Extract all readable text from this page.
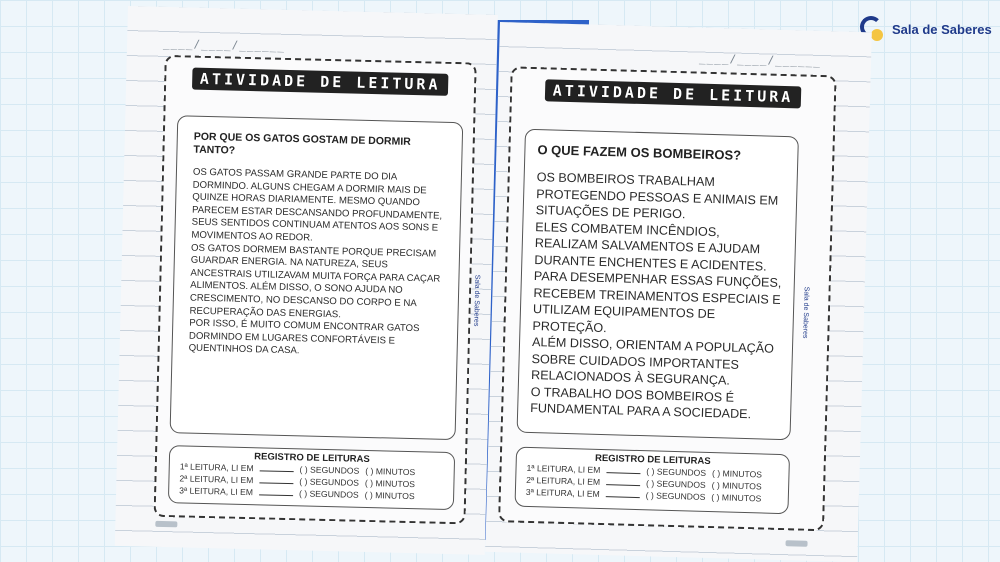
Sala de Saberes
____/____/______
ATIVIDADE DE LEITURA
POR QUE OS GATOS GOSTAM DE DORMIR TANTO?

OS GATOS PASSAM GRANDE PARTE DO DIA DORMINDO. ALGUNS CHEGAM A DORMIR MAIS DE QUINZE HORAS DIARIAMENTE. MESMO QUANDO PARECEM ESTAR DESCANSANDO PROFUNDAMENTE, SEUS SENTIDOS CONTINUAM ATENTOS AOS SONS E MOVIMENTOS AO REDOR.

OS GATOS DORMEM BASTANTE PORQUE PRECISAM GUARDAR ENERGIA. NA NATUREZA, SEUS ANCESTRAIS UTILIZAVAM MUITA FORÇA PARA CAÇAR ALIMENTOS. ALÉM DISSO, O SONO AJUDA NO CRESCIMENTO, NO DESCANSO DO CORPO E NA RECUPERAÇÃO DAS ENERGIAS.

POR ISSO, É MUITO COMUM ENCONTRAR GATOS DORMINDO EM LUGARES CONFORTÁVEIS E QUENTINHOS DA CASA.

Sala de Saberes
REGISTRO DE LEITURAS
1ª LEITURA, LI EM	( ) SEGUNDOS ( ) MINUTOS
2ª LEITURA, LI EM	( ) SEGUNDOS ( ) MINUTOS
3ª LEITURA, LI EM	( ) SEGUNDOS ( ) MINUTOS
____/____/______
ATIVIDADE DE LEITURA
O QUE FAZEM OS BOMBEIROS?

OS BOMBEIROS TRABALHAM PROTEGENDO PESSOAS E ANIMAIS EM SITUAÇÕES DE PERIGO.

ELES COMBATEM INCÊNDIOS, REALIZAM SALVAMENTOS E AJUDAM DURANTE ENCHENTES E ACIDENTES.

PARA DESEMPENHAR ESSAS FUNÇÕES, RECEBEM TREINAMENTOS ESPECIAIS E UTILIZAM EQUIPAMENTOS DE PROTEÇÃO.

ALÉM DISSO, ORIENTAM A POPULAÇÃO SOBRE CUIDADOS IMPORTANTES RELACIONADOS À SEGURANÇA.

O TRABALHO DOS BOMBEIROS É FUNDAMENTAL PARA A SOCIEDADE.

Sala de Saberes
REGISTRO DE LEITURAS
1ª LEITURA, LI EM	( ) SEGUNDOS ( ) MINUTOS
2ª LEITURA, LI EM	( ) SEGUNDOS ( ) MINUTOS
3ª LEITURA, LI EM	( ) SEGUNDOS ( ) MINUTOS
